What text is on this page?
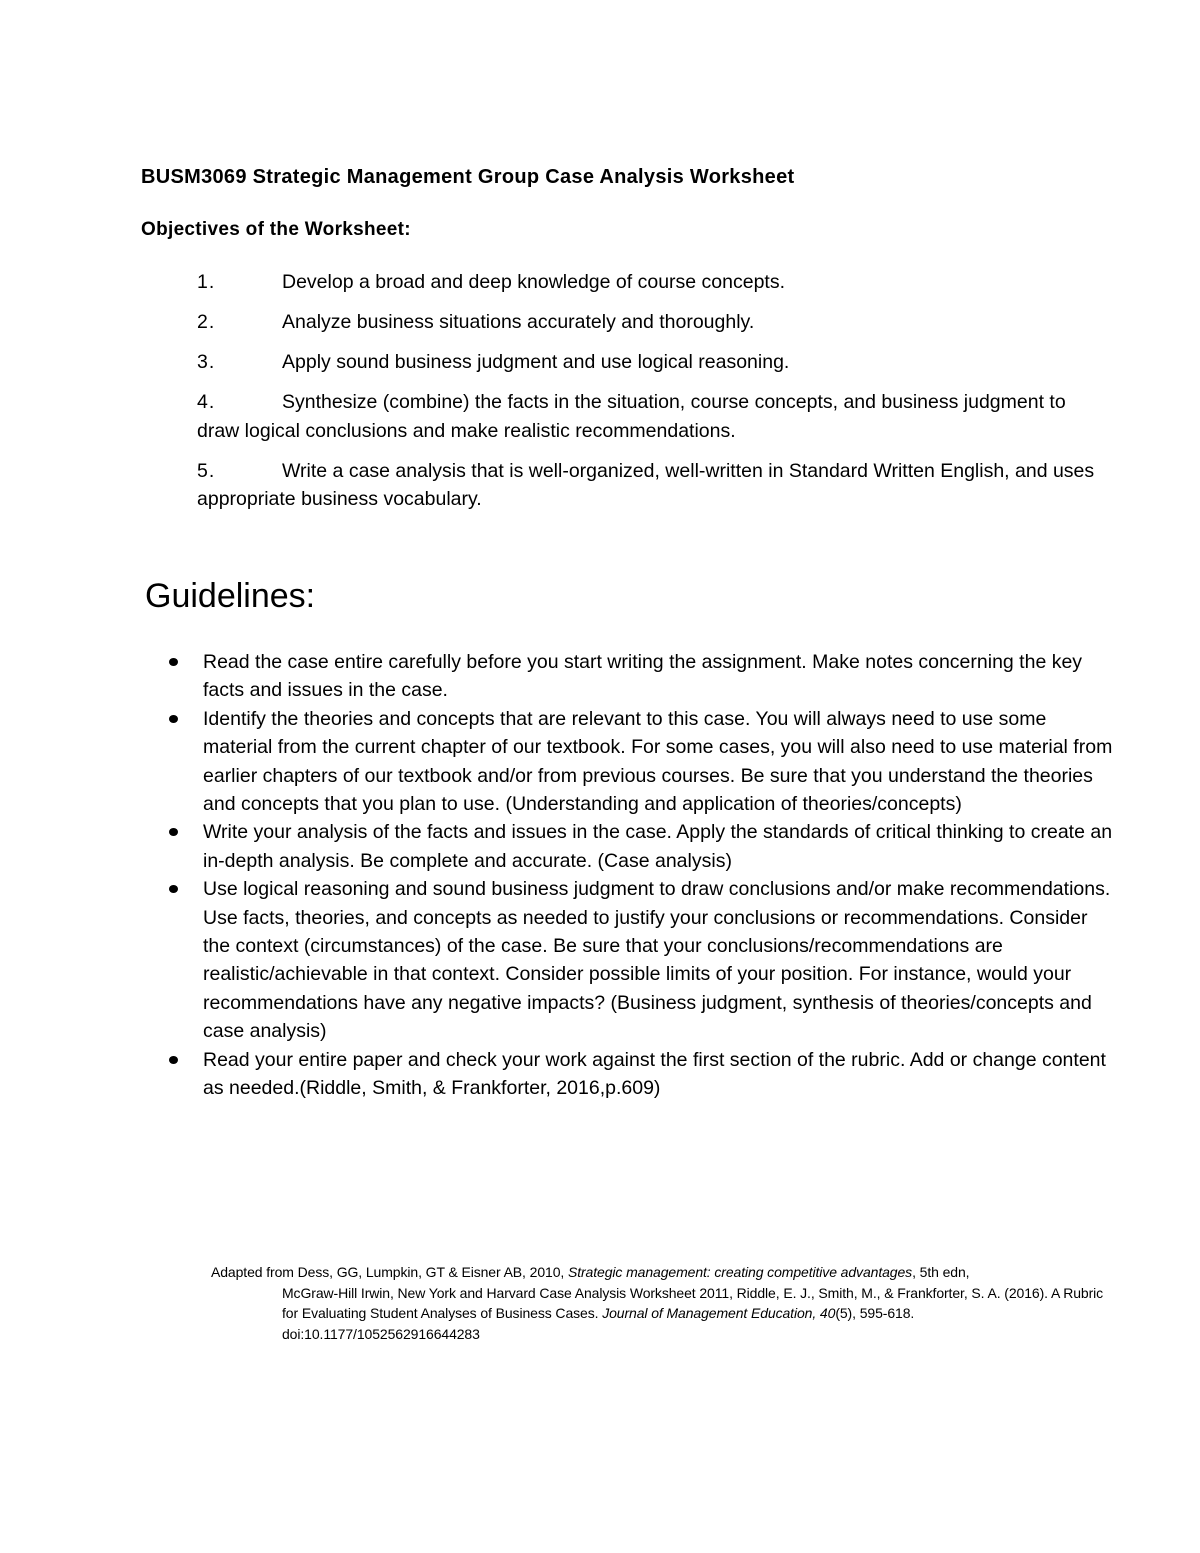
BUSM3069 Strategic Management Group Case Analysis Worksheet
Objectives of the Worksheet:
1.	Develop a broad and deep knowledge of course concepts.
2.	Analyze business situations accurately and thoroughly.
3.	Apply sound business judgment and use logical reasoning.
4.	Synthesize (combine) the facts in the situation, course concepts, and business judgment to draw logical conclusions and make realistic recommendations.
5.	Write a case analysis that is well-organized, well-written in Standard Written English, and uses appropriate business vocabulary.
Guidelines:
Read the case entire carefully before you start writing the assignment. Make notes concerning the key facts and issues in the case.
Identify the theories and concepts that are relevant to this case. You will always need to use some material from the current chapter of our textbook. For some cases, you will also need to use material from earlier chapters of our textbook and/or from previous courses. Be sure that you understand the theories and concepts that you plan to use. (Understanding and application of theories/concepts)
Write your analysis of the facts and issues in the case. Apply the standards of critical thinking to create an in-depth analysis. Be complete and accurate. (Case analysis)
Use logical reasoning and sound business judgment to draw conclusions and/or make recommendations. Use facts, theories, and concepts as needed to justify your conclusions or recommendations. Consider the context (circumstances) of the case. Be sure that your conclusions/recommendations are realistic/achievable in that context. Consider possible limits of your position. For instance, would your recommendations have any negative impacts? (Business judgment, synthesis of theories/concepts and case analysis)
Read your entire paper and check your work against the first section of the rubric. Add or change content as needed.(Riddle, Smith, & Frankforter, 2016,p.609)
Adapted from Dess, GG, Lumpkin, GT & Eisner AB, 2010, Strategic management: creating competitive advantages, 5th edn,
McGraw-Hill Irwin, New York and Harvard Case Analysis Worksheet 2011, Riddle, E. J., Smith, M., & Frankforter, S. A. (2016). A Rubric for Evaluating Student Analyses of Business Cases. Journal of Management Education, 40(5), 595-618. doi:10.1177/1052562916644283
